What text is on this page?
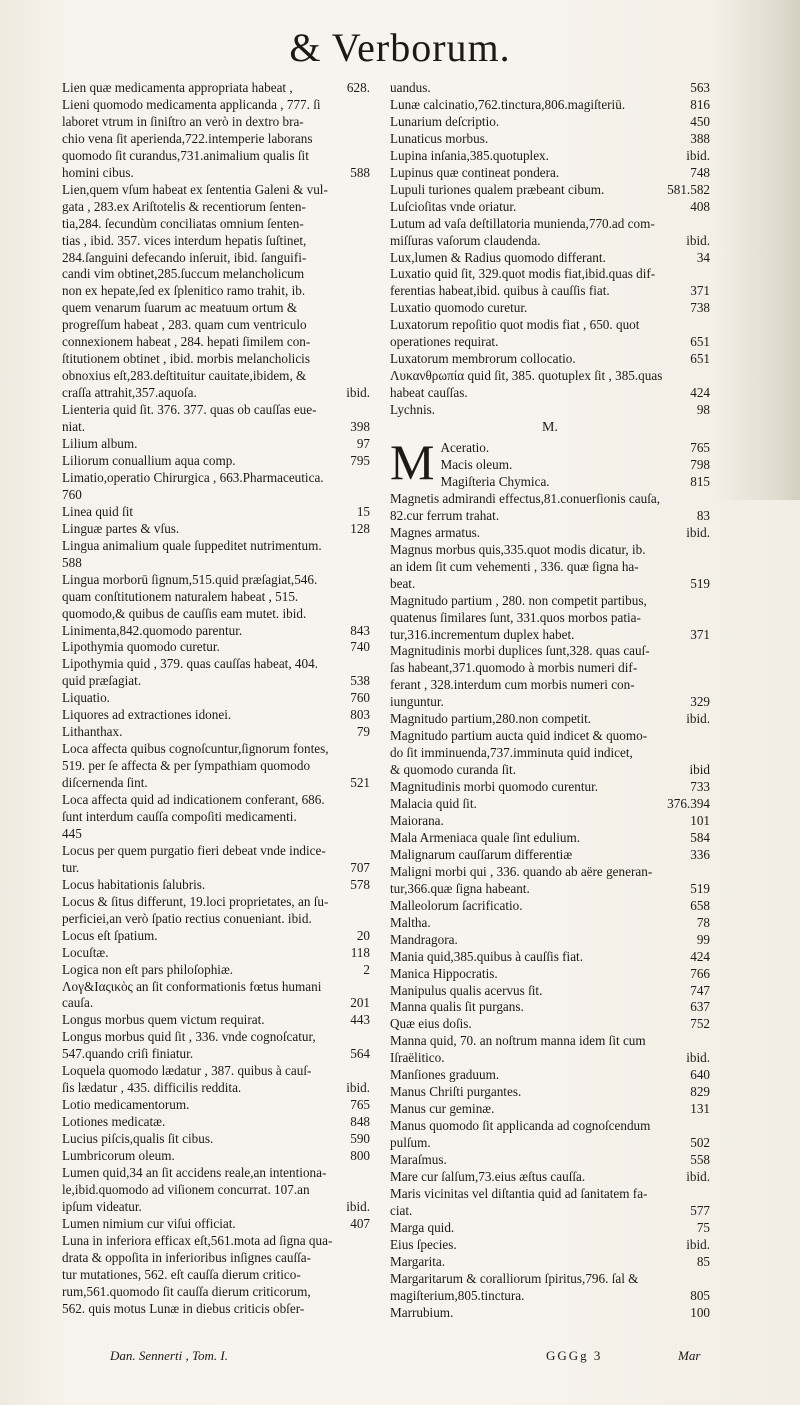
& Verborum.
Lien quæ medicamenta appropriata habeat ,	628.
Lieni quomodo medicamenta applicanda , 777. ſi
laboret vtrum in ſiniſtro an verò in dextro bra-
chio vena ſit aperienda,722.intemperie laborans
quomodo ſit curandus,731.animalium qualis ſit
homini cibus.	588
Lien,quem vſum habeat ex ſententia Galeni & vul-
gata , 283.ex Ariſtotelis & recentiorum ſenten-
tia,284. ſecundùm conciliatas omnium ſenten-
tias , ibid. 357. vices interdum hepatis ſuſtinet,
284.ſanguini defecando inſeruit, ibid. ſanguifi-
candi vim obtinet,285.ſuccum melancholicum
non ex hepate,ſed ex ſplenitico ramo trahit, ib.
quem venarum ſuarum ac meatuum ortum &
progreſſum habeat , 283. quam cum ventriculo
connexionem habeat , 284. hepati ſimilem con-
ſtitutionem obtinet , ibid. morbis melancholicis
obnoxius eſt,283.deſtituitur cauitate,ibidem, &
craſſa attrahit,357.aquoſa.	ibid.
Lienteria quid ſit. 376. 377. quas ob cauſſas eue-
niat.	398
Lilium album.	97
Liliorum conuallium aqua comp.	795
Limatio,operatio Chirurgica , 663.Pharmaceutica.
760
Linea quid ſit	15
Linguæ partes & vſus.	128
Lingua animalium quale ſuppeditet nutrimentum.
588
Lingua morborū ſignum,515.quid præſagiat,546.
quam conſtitutionem naturalem habeat , 515.
quomodo,& quibus de cauſſis eam mutet. ibid.
Linimenta,842.quomodo parentur.	843
Lipothymia quomodo curetur.	740
Lipothymia quid , 379. quas cauſſas habeat, 404.
quid præſagiat.	538
Liquatio.	760
Liquores ad extractiones idonei.	803
Lithanthax.	79
Loca affecta quibus cognoſcuntur,ſignorum fontes,
519. per ſe affecta & per ſympathiam quomodo
diſcernenda ſint.	521
Loca affecta quid ad indicationem conferant, 686.
ſunt interdum cauſſa compoſiti medicamenti.
445
Locus per quem purgatio fieri debeat vnde indice-
tur.	707
Locus habitationis ſalubris.	578
Locus & ſitus differunt, 19.loci proprietates, an ſu-
perficiei,an verò ſpatio rectius conueniant. ibid.
Locus eſt ſpatium.	20
Locuſtæ.	118
Logica non eſt pars philoſophiæ.	2
Λογ&Ιαςικὸς an ſit conformationis fœtus humani
cauſa.	201
Longus morbus quem victum requirat.	443
Longus morbus quid ſit , 336. vnde cognoſcatur,
547.quando criſi finiatur.	564
Loquela quomodo lædatur , 387. quibus à cauſ-
ſis lædatur , 435. difficilis reddita.	ibid.
Lotio medicamentorum.	765
Lotiones medicatæ.	848
Lucius piſcis,qualis ſit cibus.	590
Lumbricorum oleum.	800
Lumen quid,34 an ſit accidens reale,an intentiona-
le,ibid.quomodo ad viſionem concurrat. 107.an
ipſum videatur.	ibid.
Lumen nimium cur viſui officiat.	407
Luna in inferiora efficax eſt,561.mota ad ſigna qua-
drata & oppoſita in inferioribus inſignes cauſſa-
tur mutationes, 562. eſt cauſſa dierum critico-
rum,561.quomodo ſit cauſſa dierum criticorum,
562. quis motus Lunæ in diebus criticis obſer-
uandus.	563
Lunæ calcinatio,762.tinctura,806.magiſteriū.	816
Lunarium deſcriptio.	450
Lunaticus morbus.	388
Lupina inſania,385.quotuplex.	ibid.
Lupinus quæ contineat pondera.	748
Lupuli turiones qualem præbeant cibum.	581.582
Luſcioſitas vnde oriatur.	408
Lutum ad vaſa deſtillatoria munienda,770.ad com-
miſſuras vaſorum claudenda.	ibid.
Lux,lumen & Radius quomodo differant.	34
Luxatio quid ſit, 329.quot modis fiat,ibid.quas dif-
ferentias habeat,ibid. quibus à cauſſis fiat.	371
Luxatio quomodo curetur.	738
Luxatorum repoſitio quot modis fiat , 650. quot
operationes requirat.	651
Luxatorum membrorum collocatio.	651
Λυκανθρωπία quid ſit, 385. quotuplex ſit , 385.quas
habeat cauſſas.	424
Lychnis.	98
M.
M Aceratio.	765
Macis oleum.	798
Magiſteria Chymica.	815
Magnetis admirandi effectus,81.conuerſionis cauſa,
82.cur ferrum trahat.	83
Magnes armatus.	ibid.
Magnus morbus quis,335.quot modis dicatur, ib.
an idem ſit cum vehementi , 336. quæ ſigna ha-
beat.	519
Magnitudo partium , 280. non competit partibus,
quatenus ſimilares ſunt, 331.quos morbos patia-
tur,316.incrementum duplex habet.	371
Magnitudinis morbi duplices ſunt,328. quas cauſ-
ſas habeant,371.quomodo à morbis numeri dif-
ferant , 328.interdum cum morbis numeri con-
iunguntur.	329
Magnitudo partium,280.non competit.	ibid.
Magnitudo partium aucta quid indicet & quomo-
do ſit imminuenda,737.imminuta quid indicet,
& quomodo curanda ſit.	ibid
Magnitudinis morbi quomodo curentur.	733
Malacia quid ſit.	376.394
Maiorana.	101
Mala Armeniaca quale ſint edulium.	584
Malignarum cauſſarum differentiæ	336
Maligni morbi qui , 336. quando ab aëre generan-
tur,366.quæ ſigna habeant.	519
Malleolorum ſacrificatio.	658
Maltha.	78
Mandragora.	99
Mania quid,385.quibus à cauſſis fiat.	424
Manica Hippocratis.	766
Manipulus qualis acervus ſit.	747
Manna qualis ſit purgans.	637
Quæ eius doſis.	752
Manna quid, 70. an noſtrum manna idem ſit cum
Iſraëlitico.	ibid.
Manſiones graduum.	640
Manus Chriſti purgantes.	829
Manus cur geminæ.	131
Manus quomodo ſit applicanda ad cognoſcendum
pulſum.	502
Maraſmus.	558
Mare cur ſalſum,73.eius æſtus cauſſa.	ibid.
Maris vicinitas vel diſtantia quid ad ſanitatem fa-
ciat.	577
Marga quid.	75
Eius ſpecies.	ibid.
Margarita.	85
Margaritarum & coralliorum ſpiritus,796. ſal &
magiſterium,805.tinctura.	805
Marrubium.	100
Dan. Sennerti , Tom. I.	GGGg 3	Mar
